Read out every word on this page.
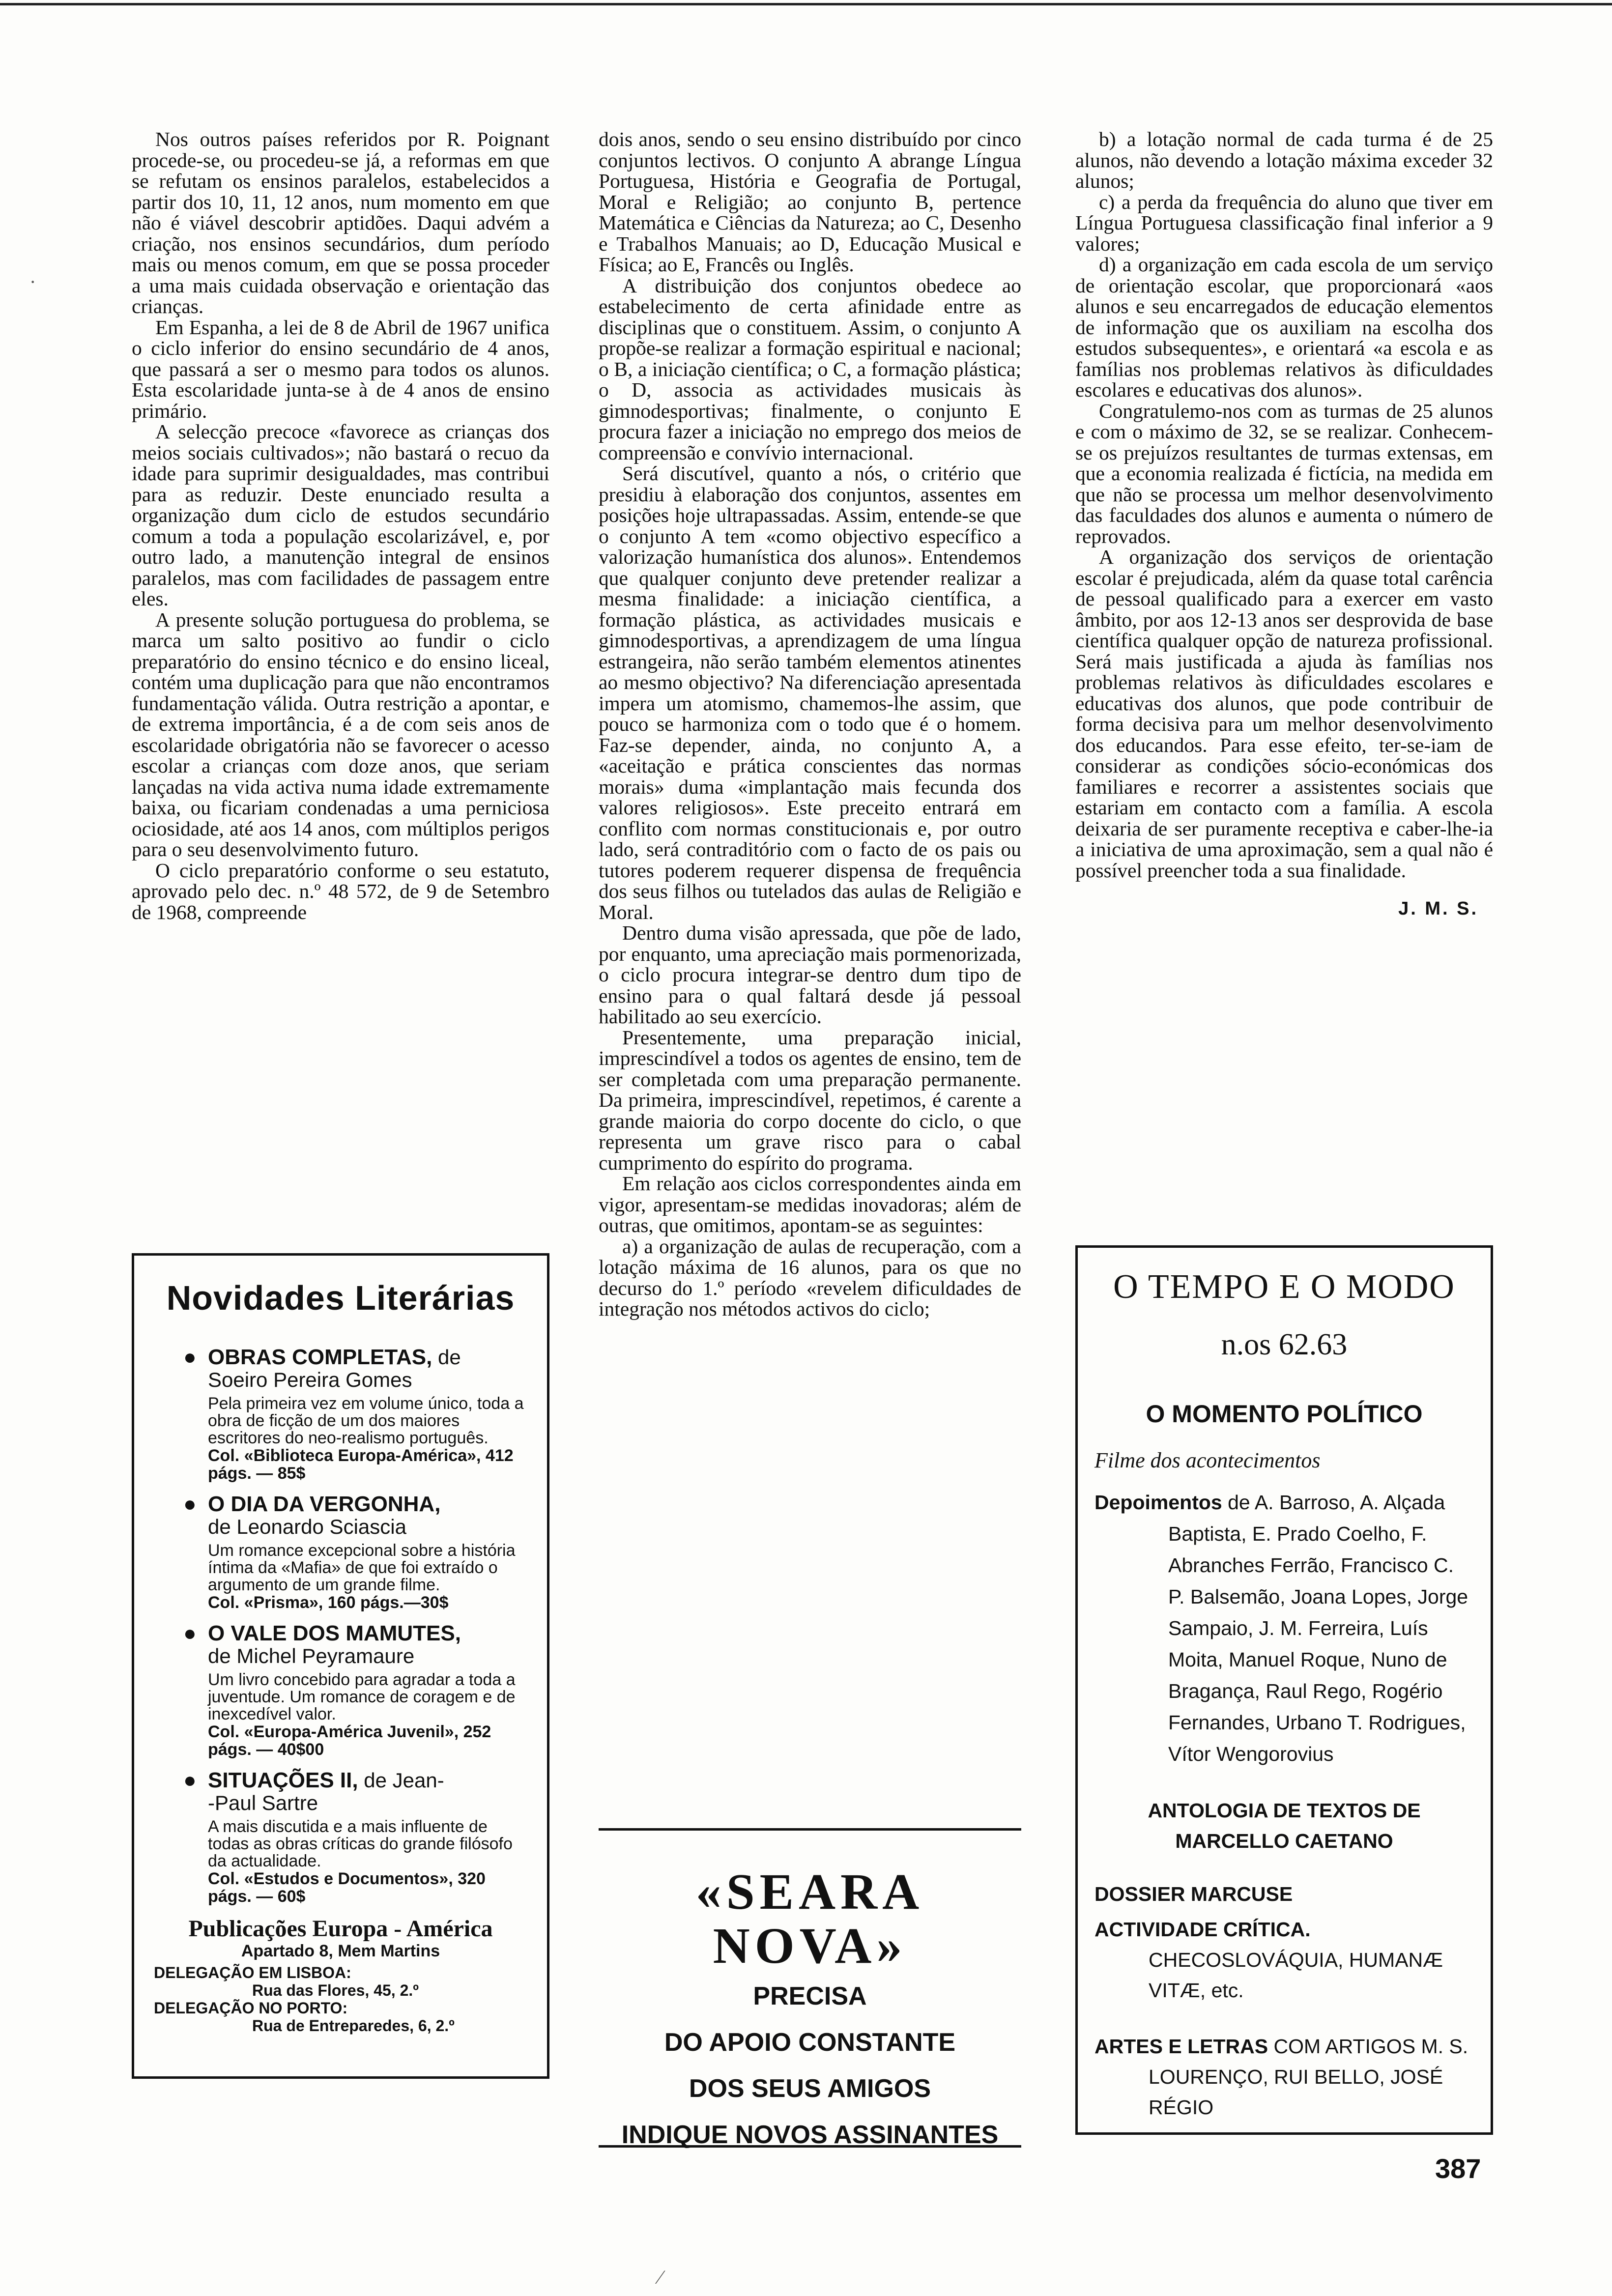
Nos outros países referidos por R. Poignant procede-se, ou procedeu-se já, a reformas em que se refutam os ensinos paralelos, estabelecidos a partir dos 10, 11, 12 anos, num momento em que não é viável descobrir aptidões. Daqui advém a criação, nos ensinos secundários, dum período mais ou menos comum, em que se possa proceder a uma mais cuidada observação e orientação das crianças.

Em Espanha, a lei de 8 de Abril de 1967 unifica o ciclo inferior do ensino secundário de 4 anos, que passará a ser o mesmo para todos os alunos. Esta escolaridade junta-se à de 4 anos de ensino primário.

A selecção precoce «favorece as crianças dos meios sociais cultivados»; não bastará o recuo da idade para suprimir desigualdades, mas contribui para as reduzir. Deste enunciado resulta a organização dum ciclo de estudos secundário comum a toda a população escolarizável, e, por outro lado, a manutenção integral de ensinos paralelos, mas com facilidades de passagem entre eles.

A presente solução portuguesa do problema, se marca um salto positivo ao fundir o ciclo preparatório do ensino técnico e do ensino liceal, contém uma duplicação para que não encontramos fundamentação válida. Outra restrição a apontar, e de extrema importância, é a de com seis anos de escolaridade obrigatória não se favorecer o acesso escolar a crianças com doze anos, que seriam lançadas na vida activa numa idade extremamente baixa, ou ficariam condenadas a uma perniciosa ociosidade, até aos 14 anos, com múltiplos perigos para o seu desenvolvimento futuro.

O ciclo preparatório conforme o seu estatuto, aprovado pelo dec. n.º 48 572, de 9 de Setembro de 1968, compreende

dois anos, sendo o seu ensino distribuído por cinco conjuntos lectivos. O conjunto A abrange Língua Portuguesa, História e Geografia de Portugal, Moral e Religião; ao conjunto B, pertence Matemática e Ciências da Natureza; ao C, Desenho e Trabalhos Manuais; ao D, Educação Musical e Física; ao E, Francês ou Inglês.

A distribuição dos conjuntos obedece ao estabelecimento de certa afinidade entre as disciplinas que o constituem. Assim, o conjunto A propõe-se realizar a formação espiritual e nacional; o B, a iniciação científica; o C, a formação plástica; o D, associa as actividades musicais às gimnodesportivas; finalmente, o conjunto E procura fazer a iniciação no emprego dos meios de compreensão e convívio internacional.

Será discutível, quanto a nós, o critério que presidiu à elaboração dos conjuntos, assentes em posições hoje ultrapassadas. Assim, entende-se que o conjunto A tem «como objectivo específico a valorização humanística dos alunos». Entendemos que qualquer conjunto deve pretender realizar a mesma finalidade: a iniciação científica, a formação plástica, as actividades musicais e gimnodesportivas, a aprendizagem de uma língua estrangeira, não serão também elementos atinentes ao mesmo objectivo? Na diferenciação apresentada impera um atomismo, chamemos-lhe assim, que pouco se harmoniza com o todo que é o homem. Faz-se depender, ainda, no conjunto A, a «aceitação e prática conscientes das normas morais» duma «implantação mais fecunda dos valores religiosos». Este preceito entrará em conflito com normas constitucionais e, por outro lado, será contraditório com o facto de os pais ou tutores poderem requerer dispensa de frequência dos seus filhos ou tutelados das aulas de Religião e Moral.

Dentro duma visão apressada, que põe de lado, por enquanto, uma apreciação mais pormenorizada, o ciclo procura integrar-se dentro dum tipo de ensino para o qual faltará desde já pessoal habilitado ao seu exercício.

Presentemente, uma preparação inicial, imprescindível a todos os agentes de ensino, tem de ser completada com uma preparação permanente. Da primeira, imprescindível, repetimos, é carente a grande maioria do corpo docente do ciclo, o que representa um grave risco para o cabal cumprimento do espírito do programa.

Em relação aos ciclos correspondentes ainda em vigor, apresentam-se medidas inovadoras; além de outras, que omitimos, apontam-se as seguintes:

a) a organização de aulas de recuperação, com a lotação máxima de 16 alunos, para os que no decurso do 1.º período «revelem dificuldades de integração nos métodos activos do ciclo;

b) a lotação normal de cada turma é de 25 alunos, não devendo a lotação máxima exceder 32 alunos;

c) a perda da frequência do aluno que tiver em Língua Portuguesa classificação final inferior a 9 valores;

d) a organização em cada escola de um serviço de orientação escolar, que proporcionará «aos alunos e seu encarregados de educação elementos de informação que os auxiliam na escolha dos estudos subsequentes», e orientará «a escola e as famílias nos problemas relativos às dificuldades escolares e educativas dos alunos».

Congratulemo-nos com as turmas de 25 alunos e com o máximo de 32, se se realizar. Conhecem-se os prejuízos resultantes de turmas extensas, em que a economia realizada é fictícia, na medida em que não se processa um melhor desenvolvimento das faculdades dos alunos e aumenta o número de reprovados.

A organização dos serviços de orientação escolar é prejudicada, além da quase total carência de pessoal qualificado para a exercer em vasto âmbito, por aos 12-13 anos ser desprovida de base científica qualquer opção de natureza profissional. Será mais justificada a ajuda às famílias nos problemas relativos às dificuldades escolares e educativas dos alunos, que pode contribuir de forma decisiva para um melhor desenvolvimento dos educandos. Para esse efeito, ter-se-iam de considerar as condições sócio-económicas dos familiares e recorrer a assistentes sociais que estariam em contacto com a família. A escola deixaria de ser puramente receptiva e caber-lhe-ia a iniciativa de uma aproximação, sem a qual não é possível preencher toda a sua finalidade.

J. M. S.
Novidades Literárias
● OBRAS COMPLETAS, de
Soeiro Pereira Gomes
Pela primeira vez em volume único, toda a obra de ficção de um dos maiores escritores do neo-realismo português.
Col. «Biblioteca Europa-América», 412 págs. — 85$
● O DIA DA VERGONHA,
de Leonardo Sciascia
Um romance excepcional sobre a história íntima da «Mafia» de que foi extraído o argumento de um grande filme.
Col. «Prisma», 160 págs.—30$
● O VALE DOS MAMUTES,
de Michel Peyramaure
Um livro concebido para agradar a toda a juventude. Um romance de coragem e de inexcedível valor.
Col. «Europa-América Juvenil», 252 págs. — 40$00
● SITUAÇÕES II, de Jean-
-Paul Sartre
A mais discutida e a mais influente de todas as obras críticas do grande filósofo da actualidade.
Col. «Estudos e Documentos», 320 págs. — 60$
Publicações Europa - América
Apartado 8, Mem Martins
DELEGAÇÃO EM LISBOA:
Rua das Flores, 45, 2.º
DELEGAÇÃO NO PORTO:
Rua de Entreparedes, 6, 2.º
«SEARA NOVA»
PRECISA
DO APOIO CONSTANTE
DOS SEUS AMIGOS
INDIQUE NOVOS ASSINANTES
O TEMPO E O MODO
n.os 62.63
O MOMENTO POLÍTICO
Filme dos acontecimentos
Depoimentos de A. Barroso, A. Alçada Baptista, E. Prado Coelho, F. Abranches Ferrão, Francisco C. P. Balsemão, Joana Lopes, Jorge Sampaio, J. M. Ferreira, Luís Moita, Manuel Roque, Nuno de Bragança, Raul Rego, Rogério Fernandes, Urbano T. Rodrigues, Vítor Wengorovius
ANTOLOGIA DE TEXTOS DE MARCELLO CAETANO
DOSSIER MARCUSE
ACTIVIDADE CRÍTICA. CHECOSLOVÁQUIA, HUMANÆ VITÆ, etc.
ARTES E LETRAS COM ARTIGOS M. S. LOURENÇO, RUI BELLO, JOSÉ RÉGIO
387
·
⁄
